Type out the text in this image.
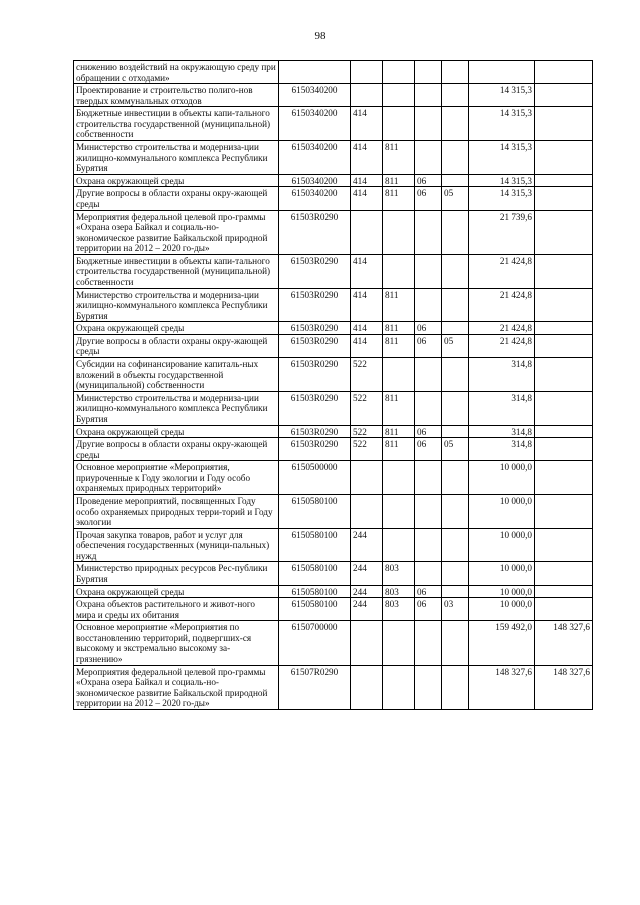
98
снижению воздействий на окружающую среду при обращении с отходами»							
Проектирование и строительство полиго-нов твердых коммунальных отходов	6150340200					14 315,3	
Бюджетные инвестиции в объекты капи-тального строительства государственной (муниципальной) собственности	6150340200	414				14 315,3	
Министерство строительства и модерниза-ции жилищно-коммунального комплекса Республики Бурятия	6150340200	414	811			14 315,3	
Охрана окружающей среды	6150340200	414	811	06		14 315,3	
Другие вопросы в области охраны окру-жающей среды	6150340200	414	811	06	05	14 315,3	
Мероприятия федеральной целевой про-граммы «Охрана озера Байкал и социаль-но-экономическое развитие Байкальской природной территории на 2012 – 2020 го-ды»	61503R0290					21 739,6	
Бюджетные инвестиции в объекты капи-тального строительства государственной (муниципальной) собственности	61503R0290	414				21 424,8	
Министерство строительства и модерниза-ции жилищно-коммунального комплекса Республики Бурятия	61503R0290	414	811			21 424,8	
Охрана окружающей среды	61503R0290	414	811	06		21 424,8	
Другие вопросы в области охраны окру-жающей среды	61503R0290	414	811	06	05	21 424,8	
Субсидии на софинансирование капиталь-ных вложений в объекты государственной (муниципальной) собственности	61503R0290	522				314,8	
Министерство строительства и модерниза-ции жилищно-коммунального комплекса Республики Бурятия	61503R0290	522	811			314,8	
Охрана окружающей среды	61503R0290	522	811	06		314,8	
Другие вопросы в области охраны окру-жающей среды	61503R0290	522	811	06	05	314,8	
Основное мероприятие «Мероприятия, приуроченные к Году экологии и Году особо охраняемых природных территорий»	6150500000					10 000,0	
Проведение мероприятий, посвященных Году особо охраняемых природных терри-торий и Году экологии	6150580100					10 000,0	
Прочая закупка товаров, работ и услуг для обеспечения государственных (муници-пальных) нужд	6150580100	244				10 000,0	
Министерство природных ресурсов Рес-публики Бурятия	6150580100	244	803			10 000,0	
Охрана окружающей среды	6150580100	244	803	06		10 000,0	
Охрана объектов растительного и живот-ного мира и среды их обитания	6150580100	244	803	06	03	10 000,0	
Основное мероприятие «Мероприятия по восстановлению территорий, подвергших-ся высокому и экстремально высокому за-грязнению»	6150700000					159 492,0	148 327,6
Мероприятия федеральной целевой про-граммы «Охрана озера Байкал и социаль-но-экономическое развитие Байкальской природной территории на 2012 – 2020 го-ды»	61507R0290					148 327,6	148 327,6
